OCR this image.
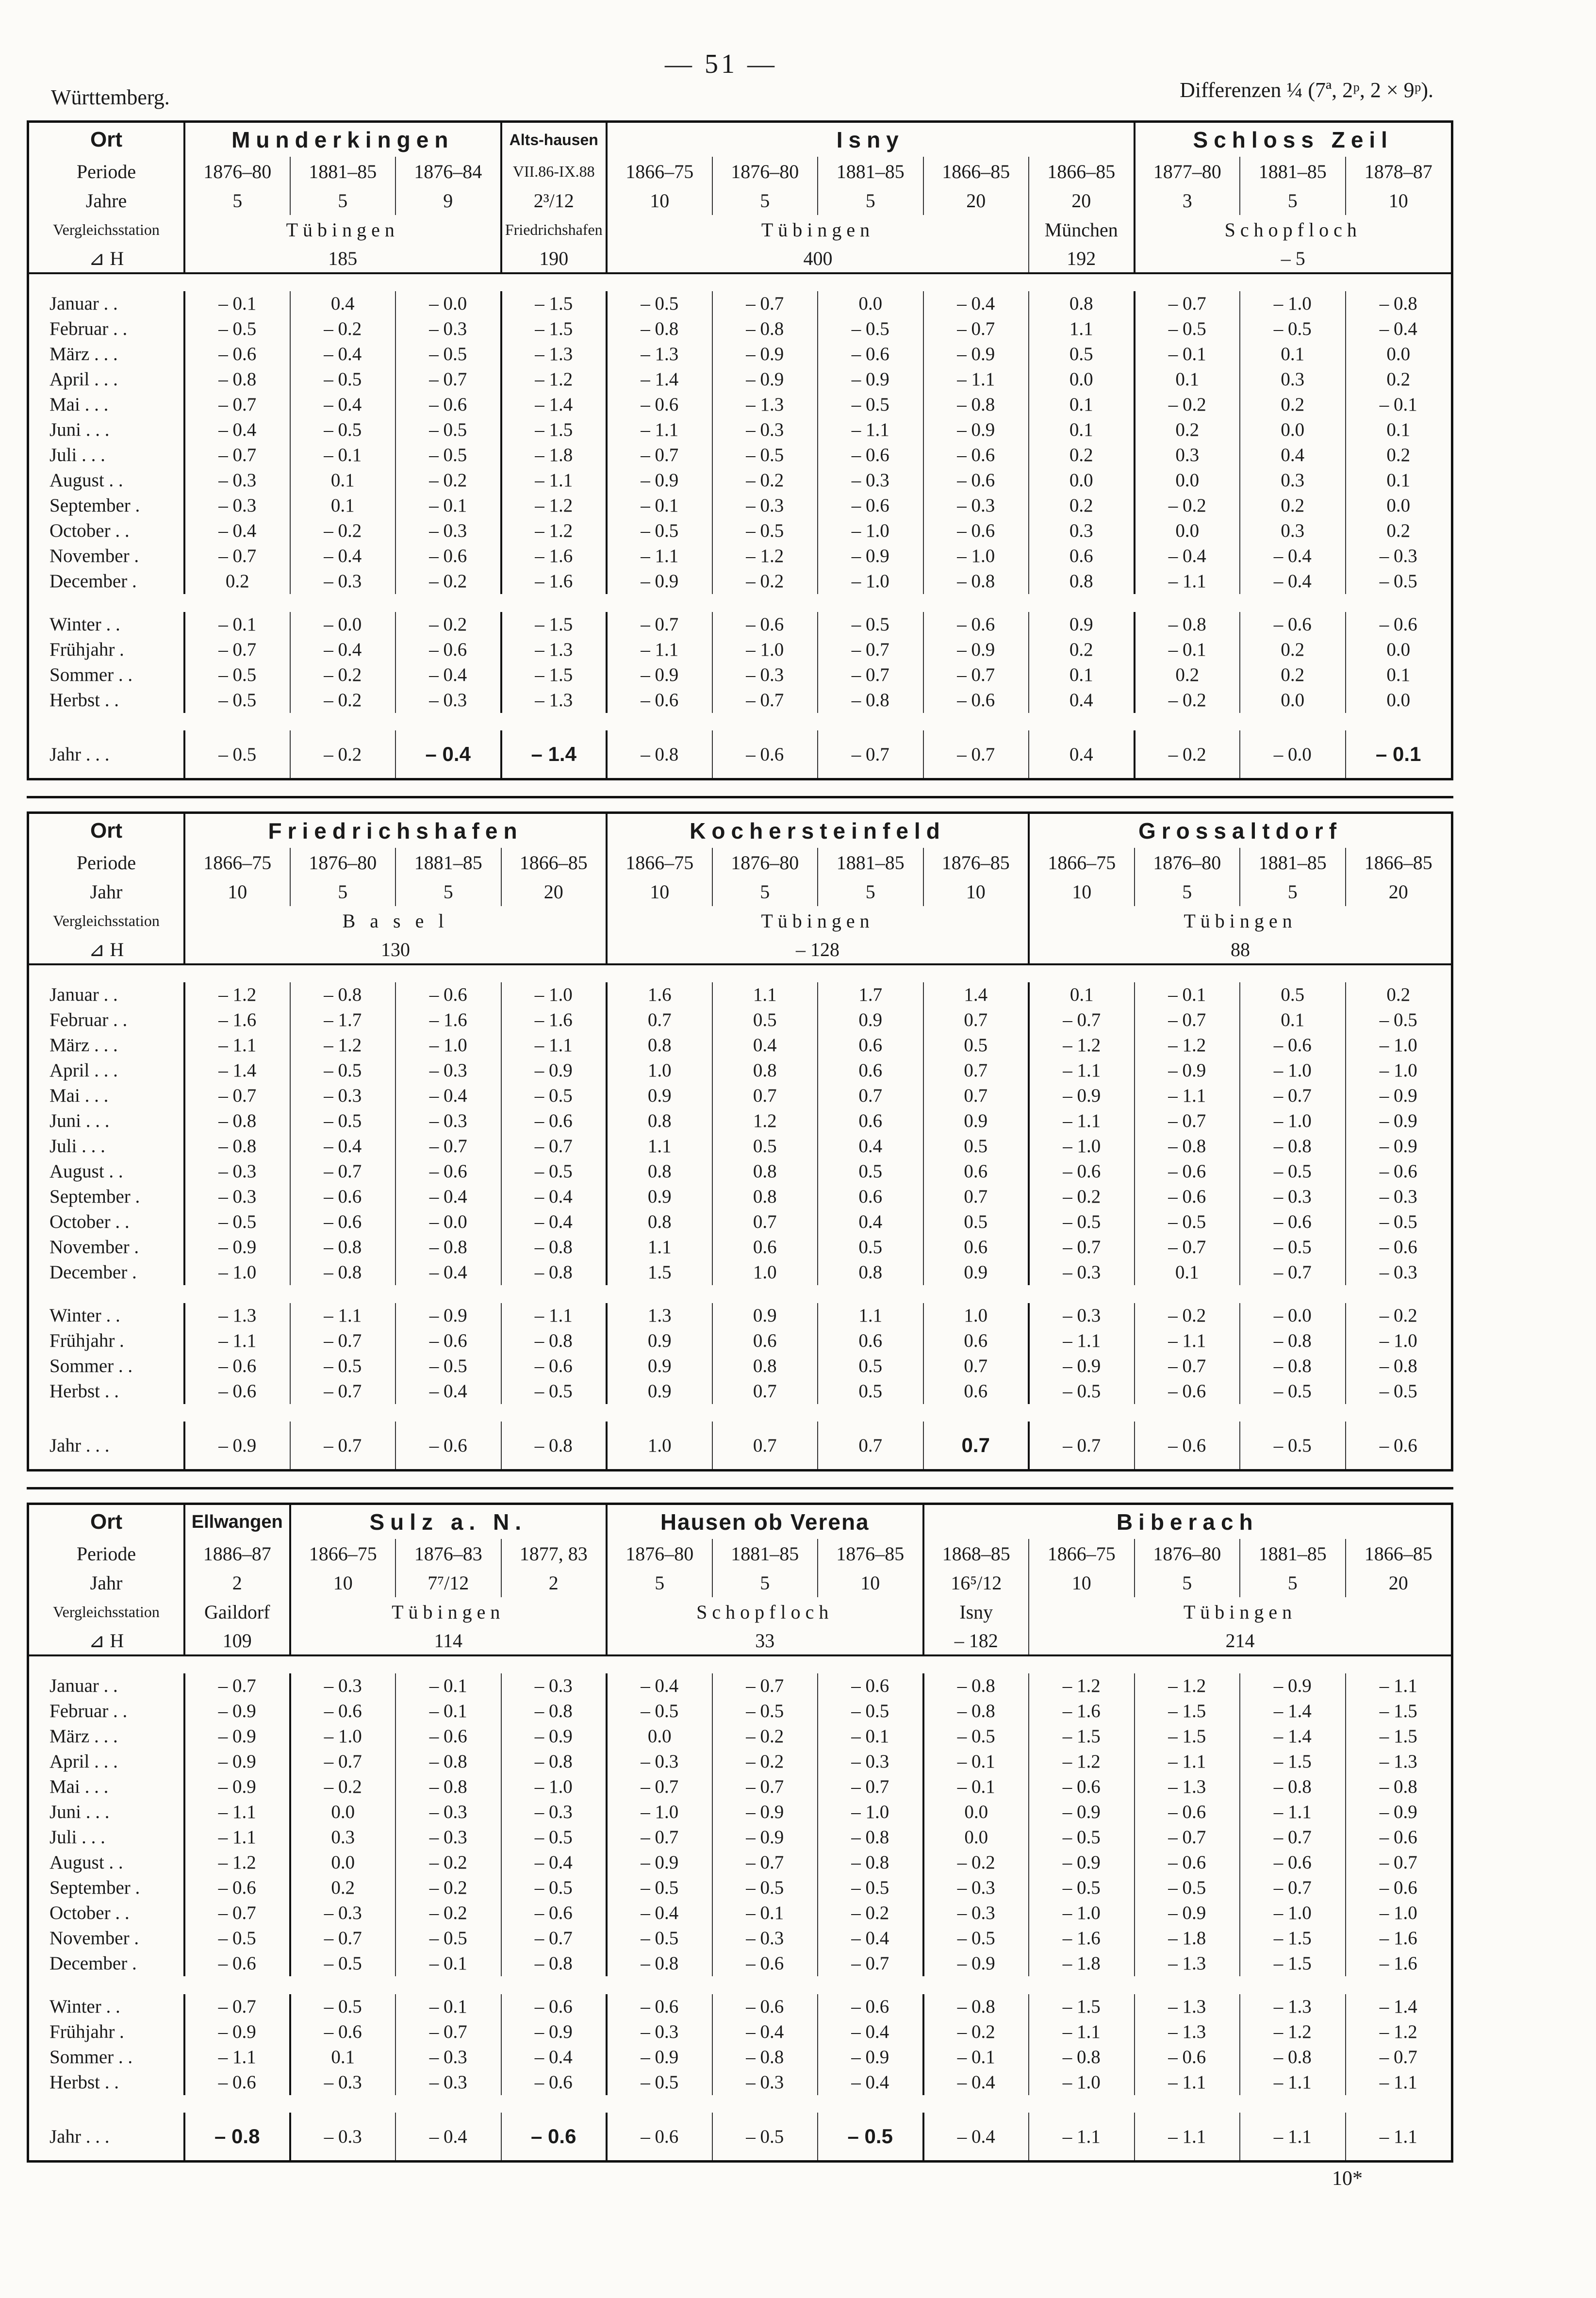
Württemberg.
— 51 —
Differenzen ¼ (7ª, 2ᵖ, 2 × 9ᵖ).
Ort	Munderkingen			Alts-hausen	Isny					Schloss Zeil		
Periode	1876–80	1881–85	1876–84	VII.86-IX.88	1866–75	1876–80	1881–85	1866–85	1866–85	1877–80	1881–85	1878–87
Jahre	5	5	9	2³/12	10	5	5	20	20	3	5	10
Vergleichsstation	Tübingen			Friedrichshafen	Tübingen				München	Schopfloch		
⊿ H	185			190	400				192	– 5		

Januar . .	– 0.1	0.4	– 0.0	– 1.5	– 0.5	– 0.7	0.0	– 0.4	0.8	– 0.7	– 1.0	– 0.8
Februar . .	– 0.5	– 0.2	– 0.3	– 1.5	– 0.8	– 0.8	– 0.5	– 0.7	1.1	– 0.5	– 0.5	– 0.4
März . . .	– 0.6	– 0.4	– 0.5	– 1.3	– 1.3	– 0.9	– 0.6	– 0.9	0.5	– 0.1	0.1	0.0
April . . .	– 0.8	– 0.5	– 0.7	– 1.2	– 1.4	– 0.9	– 0.9	– 1.1	0.0	0.1	0.3	0.2
Mai . . .	– 0.7	– 0.4	– 0.6	– 1.4	– 0.6	– 1.3	– 0.5	– 0.8	0.1	– 0.2	0.2	– 0.1
Juni . . .	– 0.4	– 0.5	– 0.5	– 1.5	– 1.1	– 0.3	– 1.1	– 0.9	0.1	0.2	0.0	0.1
Juli . . .	– 0.7	– 0.1	– 0.5	– 1.8	– 0.7	– 0.5	– 0.6	– 0.6	0.2	0.3	0.4	0.2
August . .	– 0.3	0.1	– 0.2	– 1.1	– 0.9	– 0.2	– 0.3	– 0.6	0.0	0.0	0.3	0.1
September .	– 0.3	0.1	– 0.1	– 1.2	– 0.1	– 0.3	– 0.6	– 0.3	0.2	– 0.2	0.2	0.0
October . .	– 0.4	– 0.2	– 0.3	– 1.2	– 0.5	– 0.5	– 1.0	– 0.6	0.3	0.0	0.3	0.2
November .	– 0.7	– 0.4	– 0.6	– 1.6	– 1.1	– 1.2	– 0.9	– 1.0	0.6	– 0.4	– 0.4	– 0.3
December .	0.2	– 0.3	– 0.2	– 1.6	– 0.9	– 0.2	– 1.0	– 0.8	0.8	– 1.1	– 0.4	– 0.5

Winter . .	– 0.1	– 0.0	– 0.2	– 1.5	– 0.7	– 0.6	– 0.5	– 0.6	0.9	– 0.8	– 0.6	– 0.6
Frühjahr .	– 0.7	– 0.4	– 0.6	– 1.3	– 1.1	– 1.0	– 0.7	– 0.9	0.2	– 0.1	0.2	0.0
Sommer . .	– 0.5	– 0.2	– 0.4	– 1.5	– 0.9	– 0.3	– 0.7	– 0.7	0.1	0.2	0.2	0.1
Herbst . .	– 0.5	– 0.2	– 0.3	– 1.3	– 0.6	– 0.7	– 0.8	– 0.6	0.4	– 0.2	0.0	0.0

Jahr . . .	– 0.5	– 0.2	– 0.4	– 1.4	– 0.8	– 0.6	– 0.7	– 0.7	0.4	– 0.2	– 0.0	– 0.1
Ort	Friedrichshafen				Kochersteinfeld				Grossaltdorf			
Periode	1866–75	1876–80	1881–85	1866–85	1866–75	1876–80	1881–85	1876–85	1866–75	1876–80	1881–85	1866–85
Jahr	10	5	5	20	10	5	5	10	10	5	5	20
Vergleichsstation	B a s e l				Tübingen				Tübingen			
⊿ H	130				– 128				88			

Januar . .	– 1.2	– 0.8	– 0.6	– 1.0	1.6	1.1	1.7	1.4	0.1	– 0.1	0.5	0.2
Februar . .	– 1.6	– 1.7	– 1.6	– 1.6	0.7	0.5	0.9	0.7	– 0.7	– 0.7	0.1	– 0.5
März . . .	– 1.1	– 1.2	– 1.0	– 1.1	0.8	0.4	0.6	0.5	– 1.2	– 1.2	– 0.6	– 1.0
April . . .	– 1.4	– 0.5	– 0.3	– 0.9	1.0	0.8	0.6	0.7	– 1.1	– 0.9	– 1.0	– 1.0
Mai . . .	– 0.7	– 0.3	– 0.4	– 0.5	0.9	0.7	0.7	0.7	– 0.9	– 1.1	– 0.7	– 0.9
Juni . . .	– 0.8	– 0.5	– 0.3	– 0.6	0.8	1.2	0.6	0.9	– 1.1	– 0.7	– 1.0	– 0.9
Juli . . .	– 0.8	– 0.4	– 0.7	– 0.7	1.1	0.5	0.4	0.5	– 1.0	– 0.8	– 0.8	– 0.9
August . .	– 0.3	– 0.7	– 0.6	– 0.5	0.8	0.8	0.5	0.6	– 0.6	– 0.6	– 0.5	– 0.6
September .	– 0.3	– 0.6	– 0.4	– 0.4	0.9	0.8	0.6	0.7	– 0.2	– 0.6	– 0.3	– 0.3
October . .	– 0.5	– 0.6	– 0.0	– 0.4	0.8	0.7	0.4	0.5	– 0.5	– 0.5	– 0.6	– 0.5
November .	– 0.9	– 0.8	– 0.8	– 0.8	1.1	0.6	0.5	0.6	– 0.7	– 0.7	– 0.5	– 0.6
December .	– 1.0	– 0.8	– 0.4	– 0.8	1.5	1.0	0.8	0.9	– 0.3	0.1	– 0.7	– 0.3

Winter . .	– 1.3	– 1.1	– 0.9	– 1.1	1.3	0.9	1.1	1.0	– 0.3	– 0.2	– 0.0	– 0.2
Frühjahr .	– 1.1	– 0.7	– 0.6	– 0.8	0.9	0.6	0.6	0.6	– 1.1	– 1.1	– 0.8	– 1.0
Sommer . .	– 0.6	– 0.5	– 0.5	– 0.6	0.9	0.8	0.5	0.7	– 0.9	– 0.7	– 0.8	– 0.8
Herbst . .	– 0.6	– 0.7	– 0.4	– 0.5	0.9	0.7	0.5	0.6	– 0.5	– 0.6	– 0.5	– 0.5

Jahr . . .	– 0.9	– 0.7	– 0.6	– 0.8	1.0	0.7	0.7	0.7	– 0.7	– 0.6	– 0.5	– 0.6
Ort	Ellwangen	Sulz a. N.			Hausen ob Verena			Biberach				
Periode	1886–87	1866–75	1876–83	1877, 83	1876–80	1881–85	1876–85	1868–85	1866–75	1876–80	1881–85	1866–85
Jahr	2	10	7⁷/12	2	5	5	10	16⁵/12	10	5	5	20
Vergleichsstation	Gaildorf	Tübingen			Schopfloch			Isny	Tübingen			
⊿ H	109	114			33			– 182	214			

Januar . .	– 0.7	– 0.3	– 0.1	– 0.3	– 0.4	– 0.7	– 0.6	– 0.8	– 1.2	– 1.2	– 0.9	– 1.1
Februar . .	– 0.9	– 0.6	– 0.1	– 0.8	– 0.5	– 0.5	– 0.5	– 0.8	– 1.6	– 1.5	– 1.4	– 1.5
März . . .	– 0.9	– 1.0	– 0.6	– 0.9	0.0	– 0.2	– 0.1	– 0.5	– 1.5	– 1.5	– 1.4	– 1.5
April . . .	– 0.9	– 0.7	– 0.8	– 0.8	– 0.3	– 0.2	– 0.3	– 0.1	– 1.2	– 1.1	– 1.5	– 1.3
Mai . . .	– 0.9	– 0.2	– 0.8	– 1.0	– 0.7	– 0.7	– 0.7	– 0.1	– 0.6	– 1.3	– 0.8	– 0.8
Juni . . .	– 1.1	0.0	– 0.3	– 0.3	– 1.0	– 0.9	– 1.0	0.0	– 0.9	– 0.6	– 1.1	– 0.9
Juli . . .	– 1.1	0.3	– 0.3	– 0.5	– 0.7	– 0.9	– 0.8	0.0	– 0.5	– 0.7	– 0.7	– 0.6
August . .	– 1.2	0.0	– 0.2	– 0.4	– 0.9	– 0.7	– 0.8	– 0.2	– 0.9	– 0.6	– 0.6	– 0.7
September .	– 0.6	0.2	– 0.2	– 0.5	– 0.5	– 0.5	– 0.5	– 0.3	– 0.5	– 0.5	– 0.7	– 0.6
October . .	– 0.7	– 0.3	– 0.2	– 0.6	– 0.4	– 0.1	– 0.2	– 0.3	– 1.0	– 0.9	– 1.0	– 1.0
November .	– 0.5	– 0.7	– 0.5	– 0.7	– 0.5	– 0.3	– 0.4	– 0.5	– 1.6	– 1.8	– 1.5	– 1.6
December .	– 0.6	– 0.5	– 0.1	– 0.8	– 0.8	– 0.6	– 0.7	– 0.9	– 1.8	– 1.3	– 1.5	– 1.6

Winter . .	– 0.7	– 0.5	– 0.1	– 0.6	– 0.6	– 0.6	– 0.6	– 0.8	– 1.5	– 1.3	– 1.3	– 1.4
Frühjahr .	– 0.9	– 0.6	– 0.7	– 0.9	– 0.3	– 0.4	– 0.4	– 0.2	– 1.1	– 1.3	– 1.2	– 1.2
Sommer . .	– 1.1	0.1	– 0.3	– 0.4	– 0.9	– 0.8	– 0.9	– 0.1	– 0.8	– 0.6	– 0.8	– 0.7
Herbst . .	– 0.6	– 0.3	– 0.3	– 0.6	– 0.5	– 0.3	– 0.4	– 0.4	– 1.0	– 1.1	– 1.1	– 1.1

Jahr . . .	– 0.8	– 0.3	– 0.4	– 0.6	– 0.6	– 0.5	– 0.5	– 0.4	– 1.1	– 1.1	– 1.1	– 1.1
10*
